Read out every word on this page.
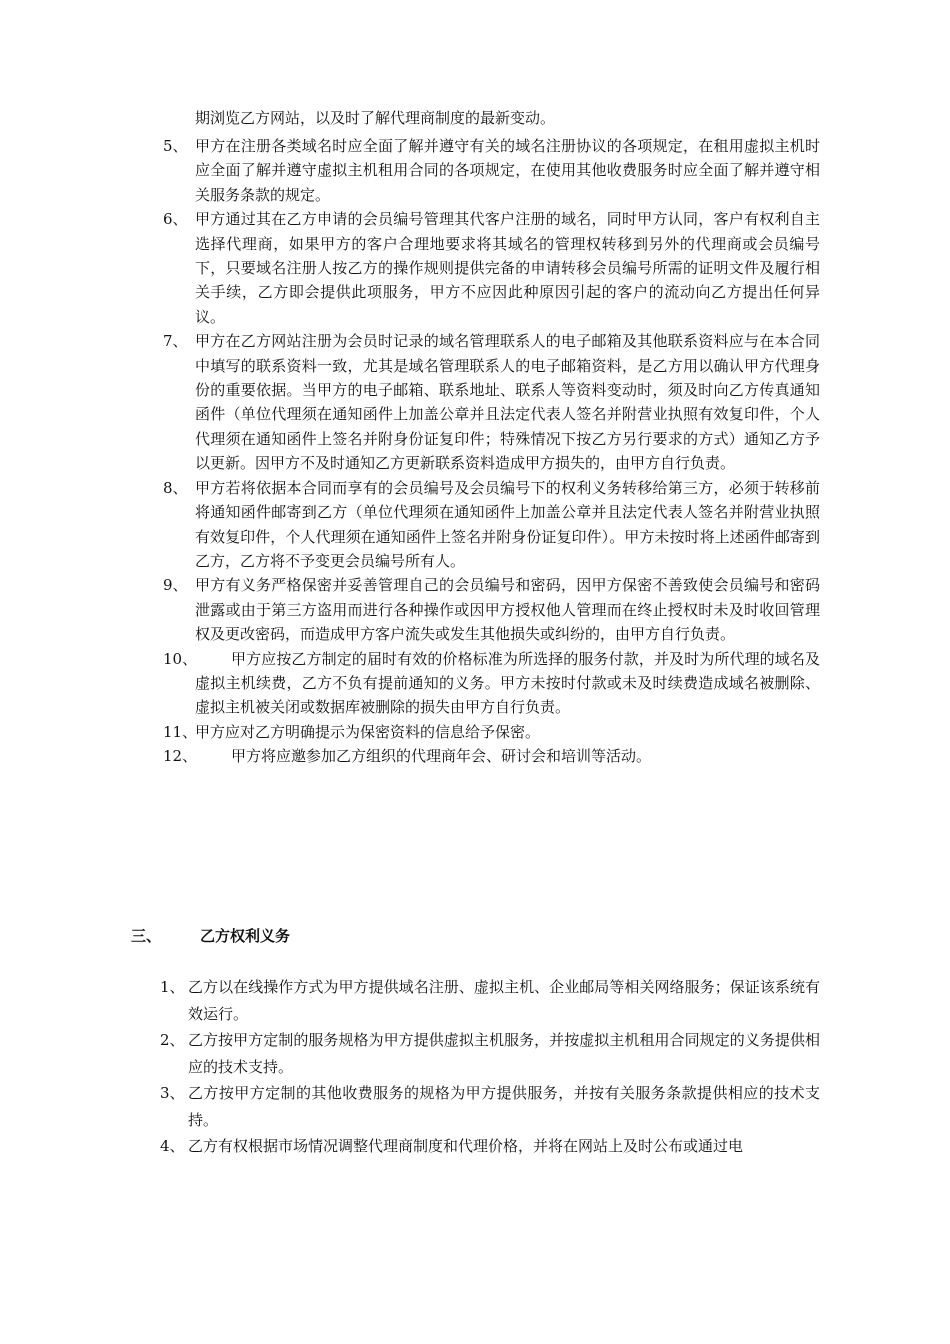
期浏览乙方网站，以及时了解代理商制度的最新变动。
5、 甲方在注册各类域名时应全面了解并遵守有关的域名注册协议的各项规定，在租用虚拟主机时应全面了解并遵守虚拟主机租用合同的各项规定，在使用其他收费服务时应全面了解并遵守相关服务条款的规定。
6、 甲方通过其在乙方申请的会员编号管理其代客户注册的域名，同时甲方认同，客户有权利自主选择代理商，如果甲方的客户合理地要求将其域名的管理权转移到另外的代理商或会员编号下，只要域名注册人按乙方的操作规则提供完备的申请转移会员编号所需的证明文件及履行相关手续，乙方即会提供此项服务，甲方不应因此种原因引起的客户的流动向乙方提出任何异议。
7、 甲方在乙方网站注册为会员时记录的域名管理联系人的电子邮箱及其他联系资料应与在本合同中填写的联系资料一致，尤其是域名管理联系人的电子邮箱资料，是乙方用以确认甲方代理身份的重要依据。当甲方的电子邮箱、联系地址、联系人等资料变动时，须及时向乙方传真通知函件（单位代理须在通知函件上加盖公章并且法定代表人签名并附营业执照有效复印件，个人代理须在通知函件上签名并附身份证复印件；特殊情况下按乙方另行要求的方式）通知乙方予以更新。因甲方不及时通知乙方更新联系资料造成甲方损失的，由甲方自行负责。
8、 甲方若将依据本合同而享有的会员编号及会员编号下的权利义务转移给第三方，必须于转移前将通知函件邮寄到乙方（单位代理须在通知函件上加盖公章并且法定代表人签名并附营业执照有效复印件，个人代理须在通知函件上签名并附身份证复印件）。甲方未按时将上述函件邮寄到乙方，乙方将不予变更会员编号所有人。
9、 甲方有义务严格保密并妥善管理自己的会员编号和密码，因甲方保密不善致使会员编号和密码泄露或由于第三方盗用而进行各种操作或因甲方授权他人管理而在终止授权时未及时收回管理权及更改密码，而造成甲方客户流失或发生其他损失或纠纷的，由甲方自行负责。
10、	甲方应按乙方制定的届时有效的价格标准为所选择的服务付款，并及时为所代理的域名及虚拟主机续费，乙方不负有提前通知的义务。甲方未按时付款或未及时续费造成域名被删除、虚拟主机被关闭或数据库被删除的损失由甲方自行负责。
11、
甲方应对乙方明确提示为保密资料的信息给予保密。
12、	甲方将应邀参加乙方组织的代理商年会、研讨会和培训等活动。
三、	乙方权利义务
1、 乙方以在线操作方式为甲方提供域名注册、虚拟主机、企业邮局等相关网络服务；保证该系统有效运行。
2、 乙方按甲方定制的服务规格为甲方提供虚拟主机服务，并按虚拟主机租用合同规定的义务提供相应的技术支持。
3、 乙方按甲方定制的其他收费服务的规格为甲方提供服务，并按有关服务条款提供相应的技术支持。
4、 乙方有权根据市场情况调整代理商制度和代理价格，并将在网站上及时公布或通过电
